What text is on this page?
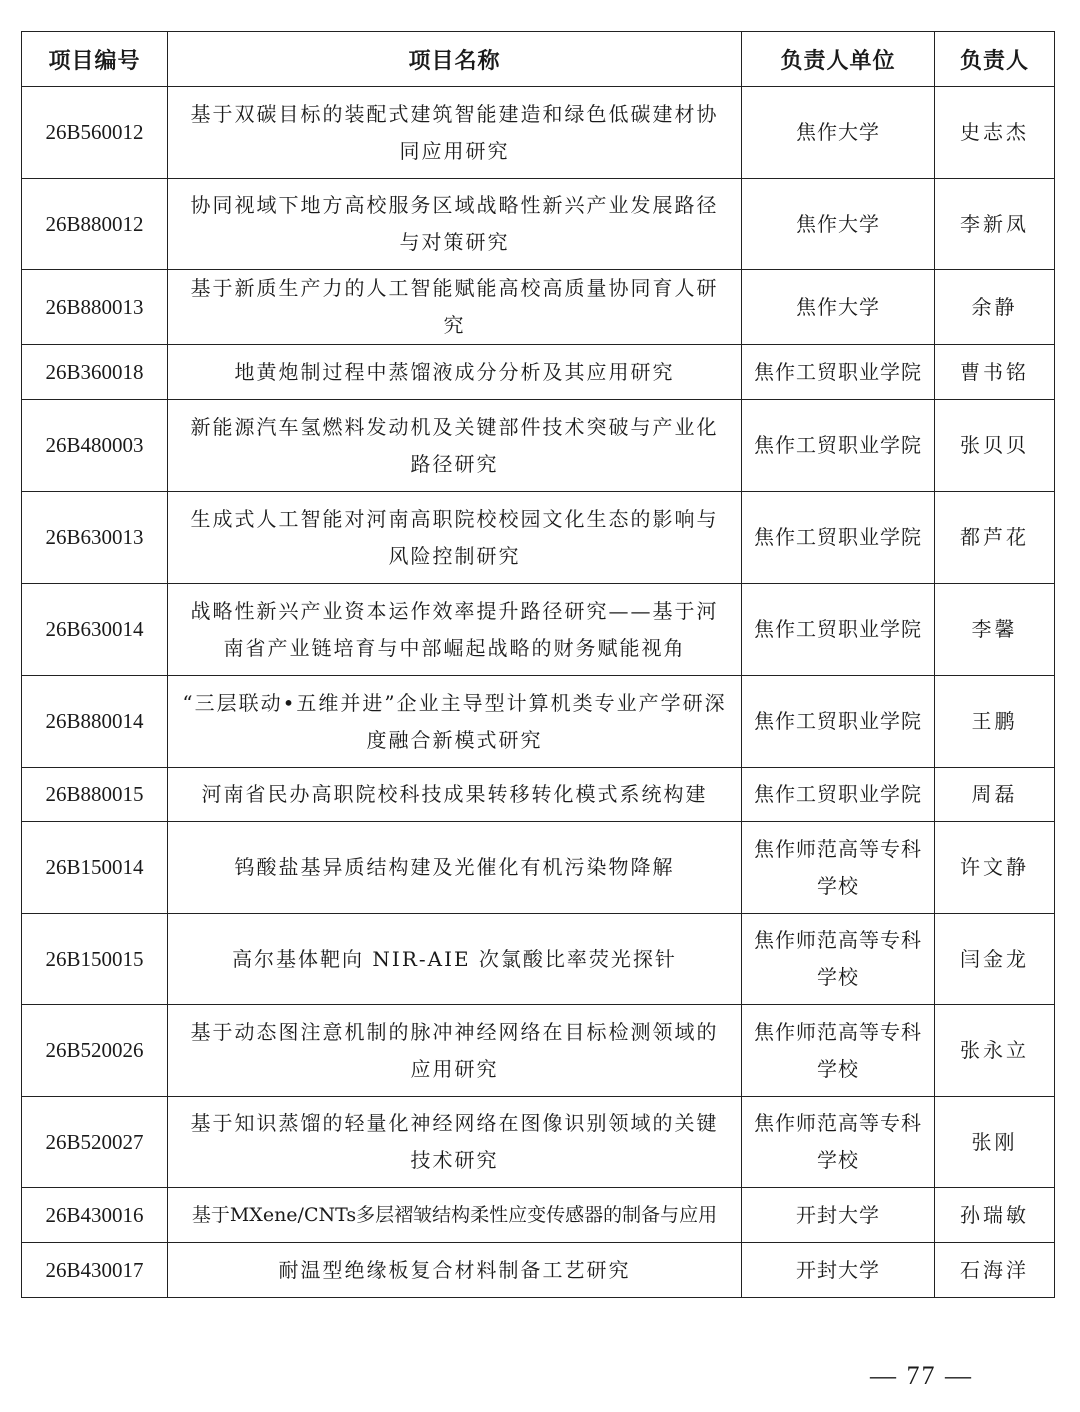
项目编号	项目名称	负责人单位	负责人
26B560012	基于双碳目标的装配式建筑智能建造和绿色低碳建材协同应用研究	焦作大学	史志杰
26B880012	协同视域下地方高校服务区域战略性新兴产业发展路径与对策研究	焦作大学	李新凤
26B880013	基于新质生产力的人工智能赋能高校高质量协同育人研究	焦作大学	余静
26B360018	地黄炮制过程中蒸馏液成分分析及其应用研究	焦作工贸职业学院	曹书铭
26B480003	新能源汽车氢燃料发动机及关键部件技术突破与产业化路径研究	焦作工贸职业学院	张贝贝
26B630013	生成式人工智能对河南高职院校校园文化生态的影响与风险控制研究	焦作工贸职业学院	都芦花
26B630014	战略性新兴产业资本运作效率提升路径研究——基于河南省产业链培育与中部崛起战略的财务赋能视角	焦作工贸职业学院	李馨
26B880014	“三层联动•五维并进”企业主导型计算机类专业产学研深度融合新模式研究	焦作工贸职业学院	王鹏
26B880015	河南省民办高职院校科技成果转移转化模式系统构建	焦作工贸职业学院	周磊
26B150014	钨酸盐基异质结构建及光催化有机污染物降解	焦作师范高等专科学校	许文静
26B150015	高尔基体靶向 NIR-AIE 次氯酸比率荧光探针	焦作师范高等专科学校	闫金龙
26B520026	基于动态图注意机制的脉冲神经网络在目标检测领域的应用研究	焦作师范高等专科学校	张永立
26B520027	基于知识蒸馏的轻量化神经网络在图像识别领域的关键技术研究	焦作师范高等专科学校	张刚
26B430016	基于MXene/CNTs多层褶皱结构柔性应变传感器的制备与应用	开封大学	孙瑞敏
26B430017	耐温型绝缘板复合材料制备工艺研究	开封大学	石海洋
— 77 —
